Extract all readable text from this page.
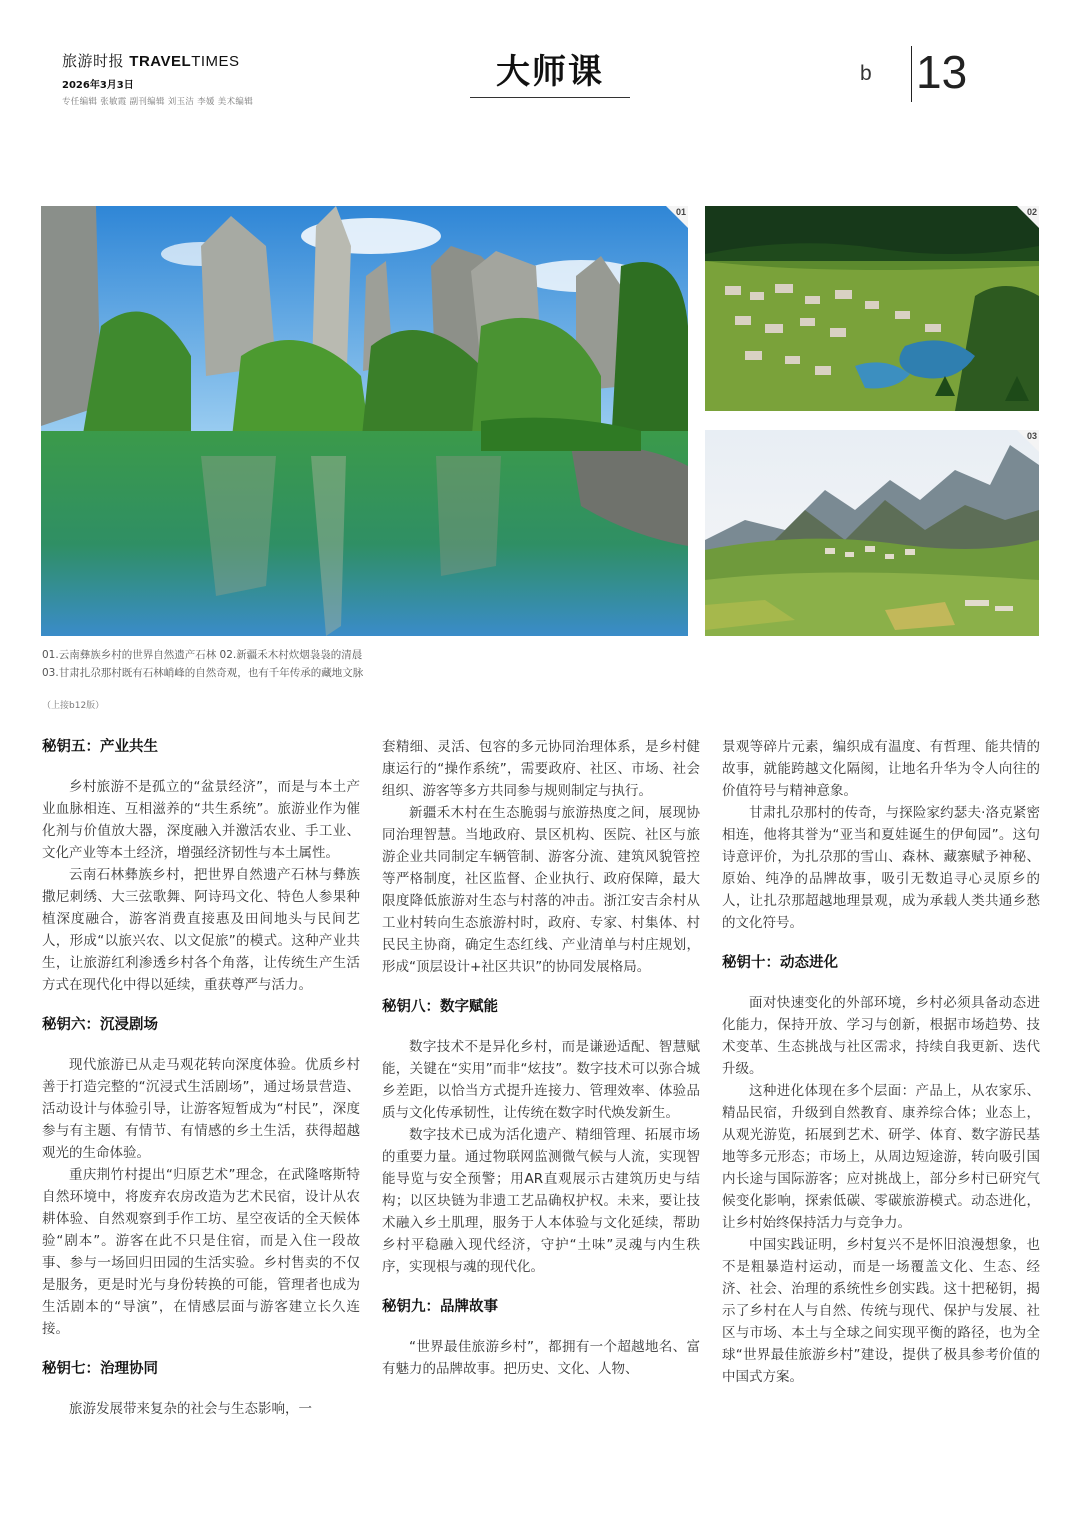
旅游时报 TRAVELTIMES
2026年3月3日
专任编辑 张敏霞 副刊编辑 刘玉洁 李媛 美术编辑
大师课	b 13
01	02
03
01.云南彝族乡村的世界自然遗产石林 02.新疆禾木村炊烟袅袅的清晨
03.甘肃扎尕那村既有石林峭峰的自然奇观，也有千年传承的藏地文脉
（上接b12版）
秘钥五：产业共生

乡村旅游不是孤立的“盆景经济”，而是与本土产业血脉相连、互相滋养的“共生系统”。旅游业作为催化剂与价值放大器，深度融入并激活农业、手工业、文化产业等本土经济，增强经济韧性与本土属性。

云南石林彝族乡村，把世界自然遗产石林与彝族撒尼刺绣、大三弦歌舞、阿诗玛文化、特色人参果种植深度融合，游客消费直接惠及田间地头与民间艺人，形成“以旅兴农、以文促旅”的模式。这种产业共生，让旅游红利渗透乡村各个角落，让传统生产生活方式在现代化中得以延续，重获尊严与活力。

秘钥六：沉浸剧场

现代旅游已从走马观花转向深度体验。优质乡村善于打造完整的“沉浸式生活剧场”，通过场景营造、活动设计与体验引导，让游客短暂成为“村民”，深度参与有主题、有情节、有情感的乡土生活，获得超越观光的生命体验。

重庆荆竹村提出“归原艺术”理念，在武隆喀斯特自然环境中，将废弃农房改造为艺术民宿，设计从农耕体验、自然观察到手作工坊、星空夜话的全天候体验“剧本”。游客在此不只是住宿，而是入住一段故事、参与一场回归田园的生活实验。乡村售卖的不仅是服务，更是时光与身份转换的可能，管理者也成为生活剧本的“导演”，在情感层面与游客建立长久连接。

秘钥七：治理协同

旅游发展带来复杂的社会与生态影响，一

套精细、灵活、包容的多元协同治理体系，是乡村健康运行的“操作系统”，需要政府、社区、市场、社会组织、游客等多方共同参与规则制定与执行。

新疆禾木村在生态脆弱与旅游热度之间，展现协同治理智慧。当地政府、景区机构、医院、社区与旅游企业共同制定车辆管制、游客分流、建筑风貌管控等严格制度，社区监督、企业执行、政府保障，最大限度降低旅游对生态与村落的冲击。浙江安吉余村从工业村转向生态旅游村时，政府、专家、村集体、村民民主协商，确定生态红线、产业清单与村庄规划，形成“顶层设计+社区共识”的协同发展格局。

秘钥八：数字赋能

数字技术不是异化乡村，而是谦逊适配、智慧赋能，关键在“实用”而非“炫技”。数字技术可以弥合城乡差距，以恰当方式提升连接力、管理效率、体验品质与文化传承韧性，让传统在数字时代焕发新生。

数字技术已成为活化遗产、精细管理、拓展市场的重要力量。通过物联网监测微气候与人流，实现智能导览与安全预警；用AR直观展示古建筑历史与结构；以区块链为非遗工艺品确权护权。未来，要让技术融入乡土肌理，服务于人本体验与文化延续，帮助乡村平稳融入现代经济，守护“土味”灵魂与内生秩序，实现根与魂的现代化。

秘钥九：品牌故事

“世界最佳旅游乡村”，都拥有一个超越地名、富有魅力的品牌故事。把历史、文化、人物、

景观等碎片元素，编织成有温度、有哲理、能共情的故事，就能跨越文化隔阂，让地名升华为令人向往的价值符号与精神意象。

甘肃扎尕那村的传奇，与探险家约瑟夫·洛克紧密相连，他将其誉为“亚当和夏娃诞生的伊甸园”。这句诗意评价，为扎尕那的雪山、森林、藏寨赋予神秘、原始、纯净的品牌故事，吸引无数追寻心灵原乡的人，让扎尕那超越地理景观，成为承载人类共通乡愁的文化符号。

秘钥十：动态进化

面对快速变化的外部环境，乡村必须具备动态进化能力，保持开放、学习与创新，根据市场趋势、技术变革、生态挑战与社区需求，持续自我更新、迭代升级。

这种进化体现在多个层面：产品上，从农家乐、精品民宿，升级到自然教育、康养综合体；业态上，从观光游览，拓展到艺术、研学、体育、数字游民基地等多元形态；市场上，从周边短途游，转向吸引国内长途与国际游客；应对挑战上，部分乡村已研究气候变化影响，探索低碳、零碳旅游模式。动态进化，让乡村始终保持活力与竞争力。

中国实践证明，乡村复兴不是怀旧浪漫想象，也不是粗暴造村运动，而是一场覆盖文化、生态、经济、社会、治理的系统性乡创实践。这十把秘钥，揭示了乡村在人与自然、传统与现代、保护与发展、社区与市场、本土与全球之间实现平衡的路径，也为全球“世界最佳旅游乡村”建设，提供了极具参考价值的中国式方案。
